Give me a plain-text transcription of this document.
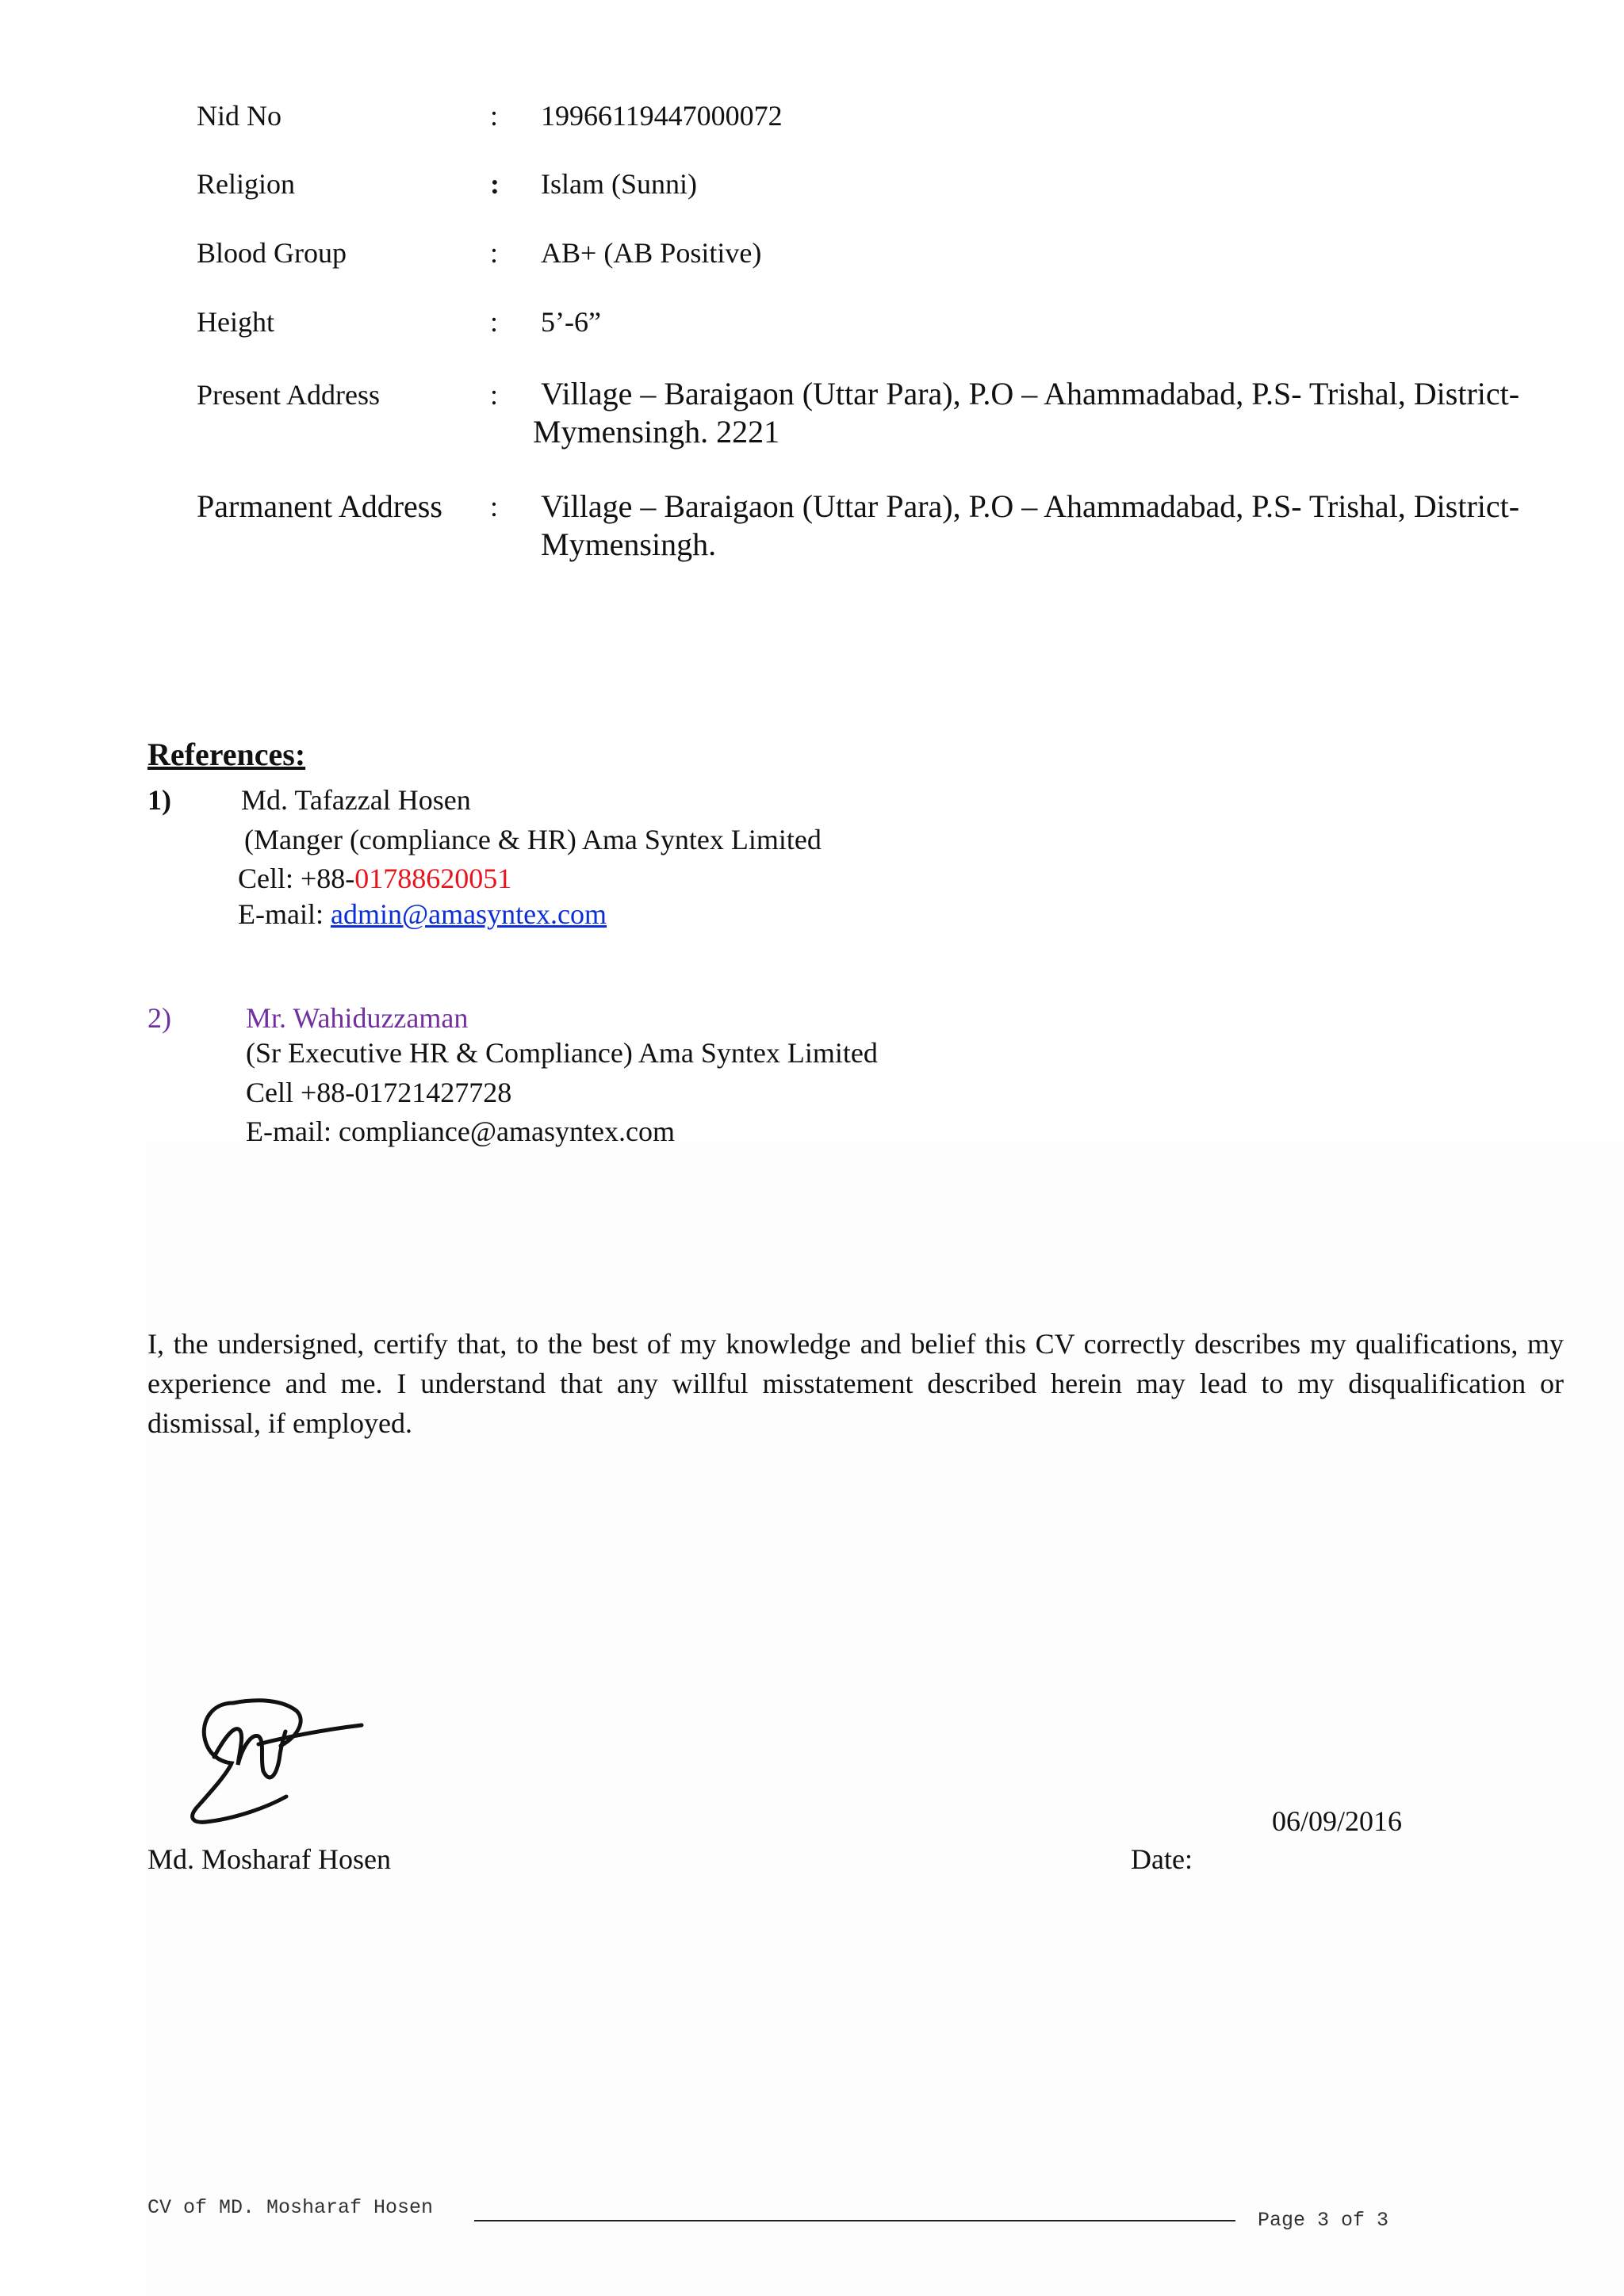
Nid No	: 19966119447000072
Religion	: Islam (Sunni)
Blood Group	: AB+ (AB Positive)
Height	: 5’-6”
Present Address	: Village – Baraigaon (Uttar Para), P.O – Ahammadabad, P.S- Trishal, District-
Mymensingh. 2221
Parmanent Address : Village – Baraigaon (Uttar Para), P.O – Ahammadabad, P.S- Trishal, District-
Mymensingh.
References:
1) Md. Tafazzal Hosen
(Manger (compliance & HR) Ama Syntex Limited
Cell: +88-01788620051
E-mail: admin@amasyntex.com
2)	Mr. Wahiduzzaman
(Sr Executive HR & Compliance) Ama Syntex Limited
Cell +88-01721427728
E-mail: compliance@amasyntex.com
I, the undersigned, certify that, to the best of my knowledge and belief this CV correctly describes my qualifications, my experience and me. I understand that any willful misstatement described herein may lead to my disqualification or dismissal, if employed.
Md. Mosharaf Hosen
06/09/2016
Date:
CV of MD. Mosharaf Hosen
Page 3 of 3
